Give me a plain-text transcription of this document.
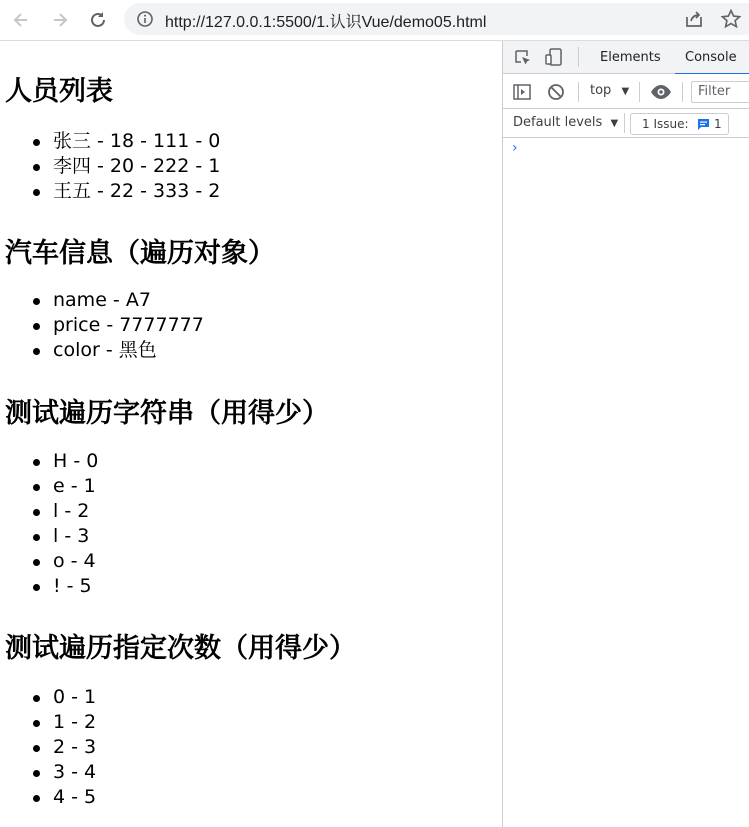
http://127.0.0.1:5500/1.认识Vue/demo05.html
人员列表
张三 - 18 - 111 - 0
李四 - 20 - 222 - 1
王五 - 22 - 333 - 2
汽车信息（遍历对象）
name - A7
price - 7777777
color - 黑色
测试遍历字符串（用得少）
H - 0
e - 1
l - 2
l - 3
o - 4
! - 5
测试遍历指定次数（用得少）
0 - 1
1 - 2
2 - 3
3 - 4
4 - 5
Elements Console
top ▼	Filter
Default levels ▼ 1 Issue: 1
›
